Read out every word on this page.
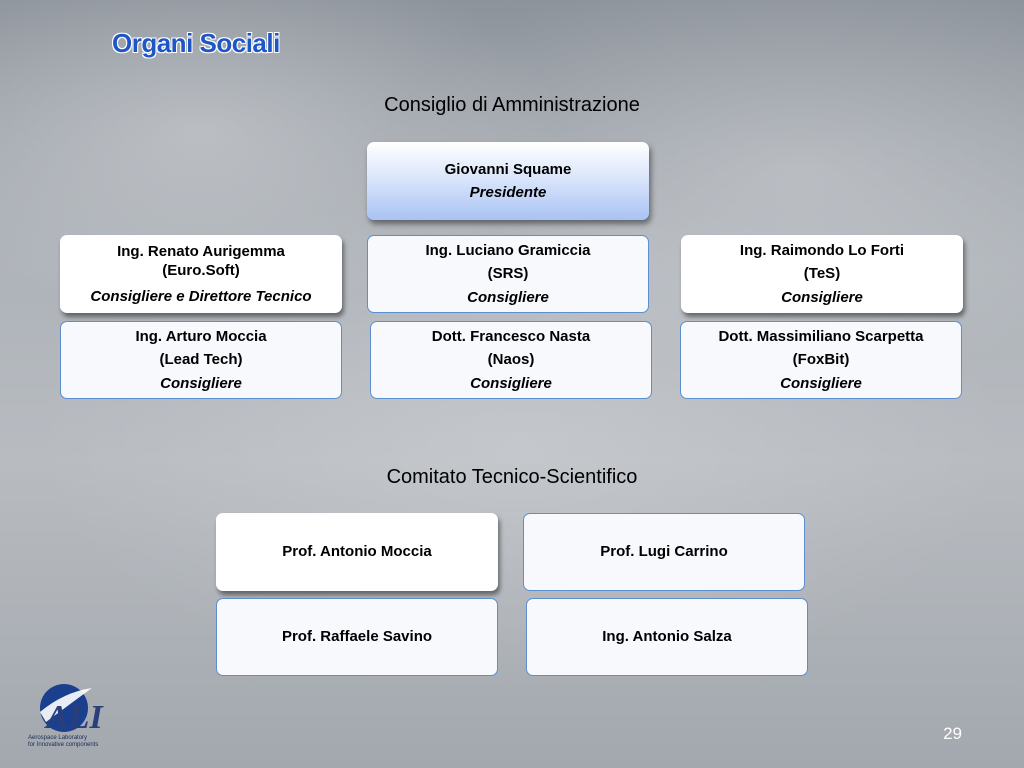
Organi Sociali
Consiglio di Amministrazione
Giovanni Squame
Presidente
Ing. Renato Aurigemma
(Euro.Soft)
Consigliere e Direttore Tecnico
Ing. Luciano Gramiccia
(SRS)
Consigliere
Ing. Raimondo Lo Forti
(TeS)
Consigliere
Ing. Arturo Moccia
(Lead Tech)
Consigliere
Dott. Francesco Nasta
(Naos)
Consigliere
Dott. Massimiliano Scarpetta
(FoxBit)
Consigliere
Comitato Tecnico-Scientifico
Prof. Antonio Moccia	Prof. Lugi Carrino
Prof. Raffaele Savino	Ing. Antonio Salza
ALI
Aerospace Laboratory
for Innovative components
29
